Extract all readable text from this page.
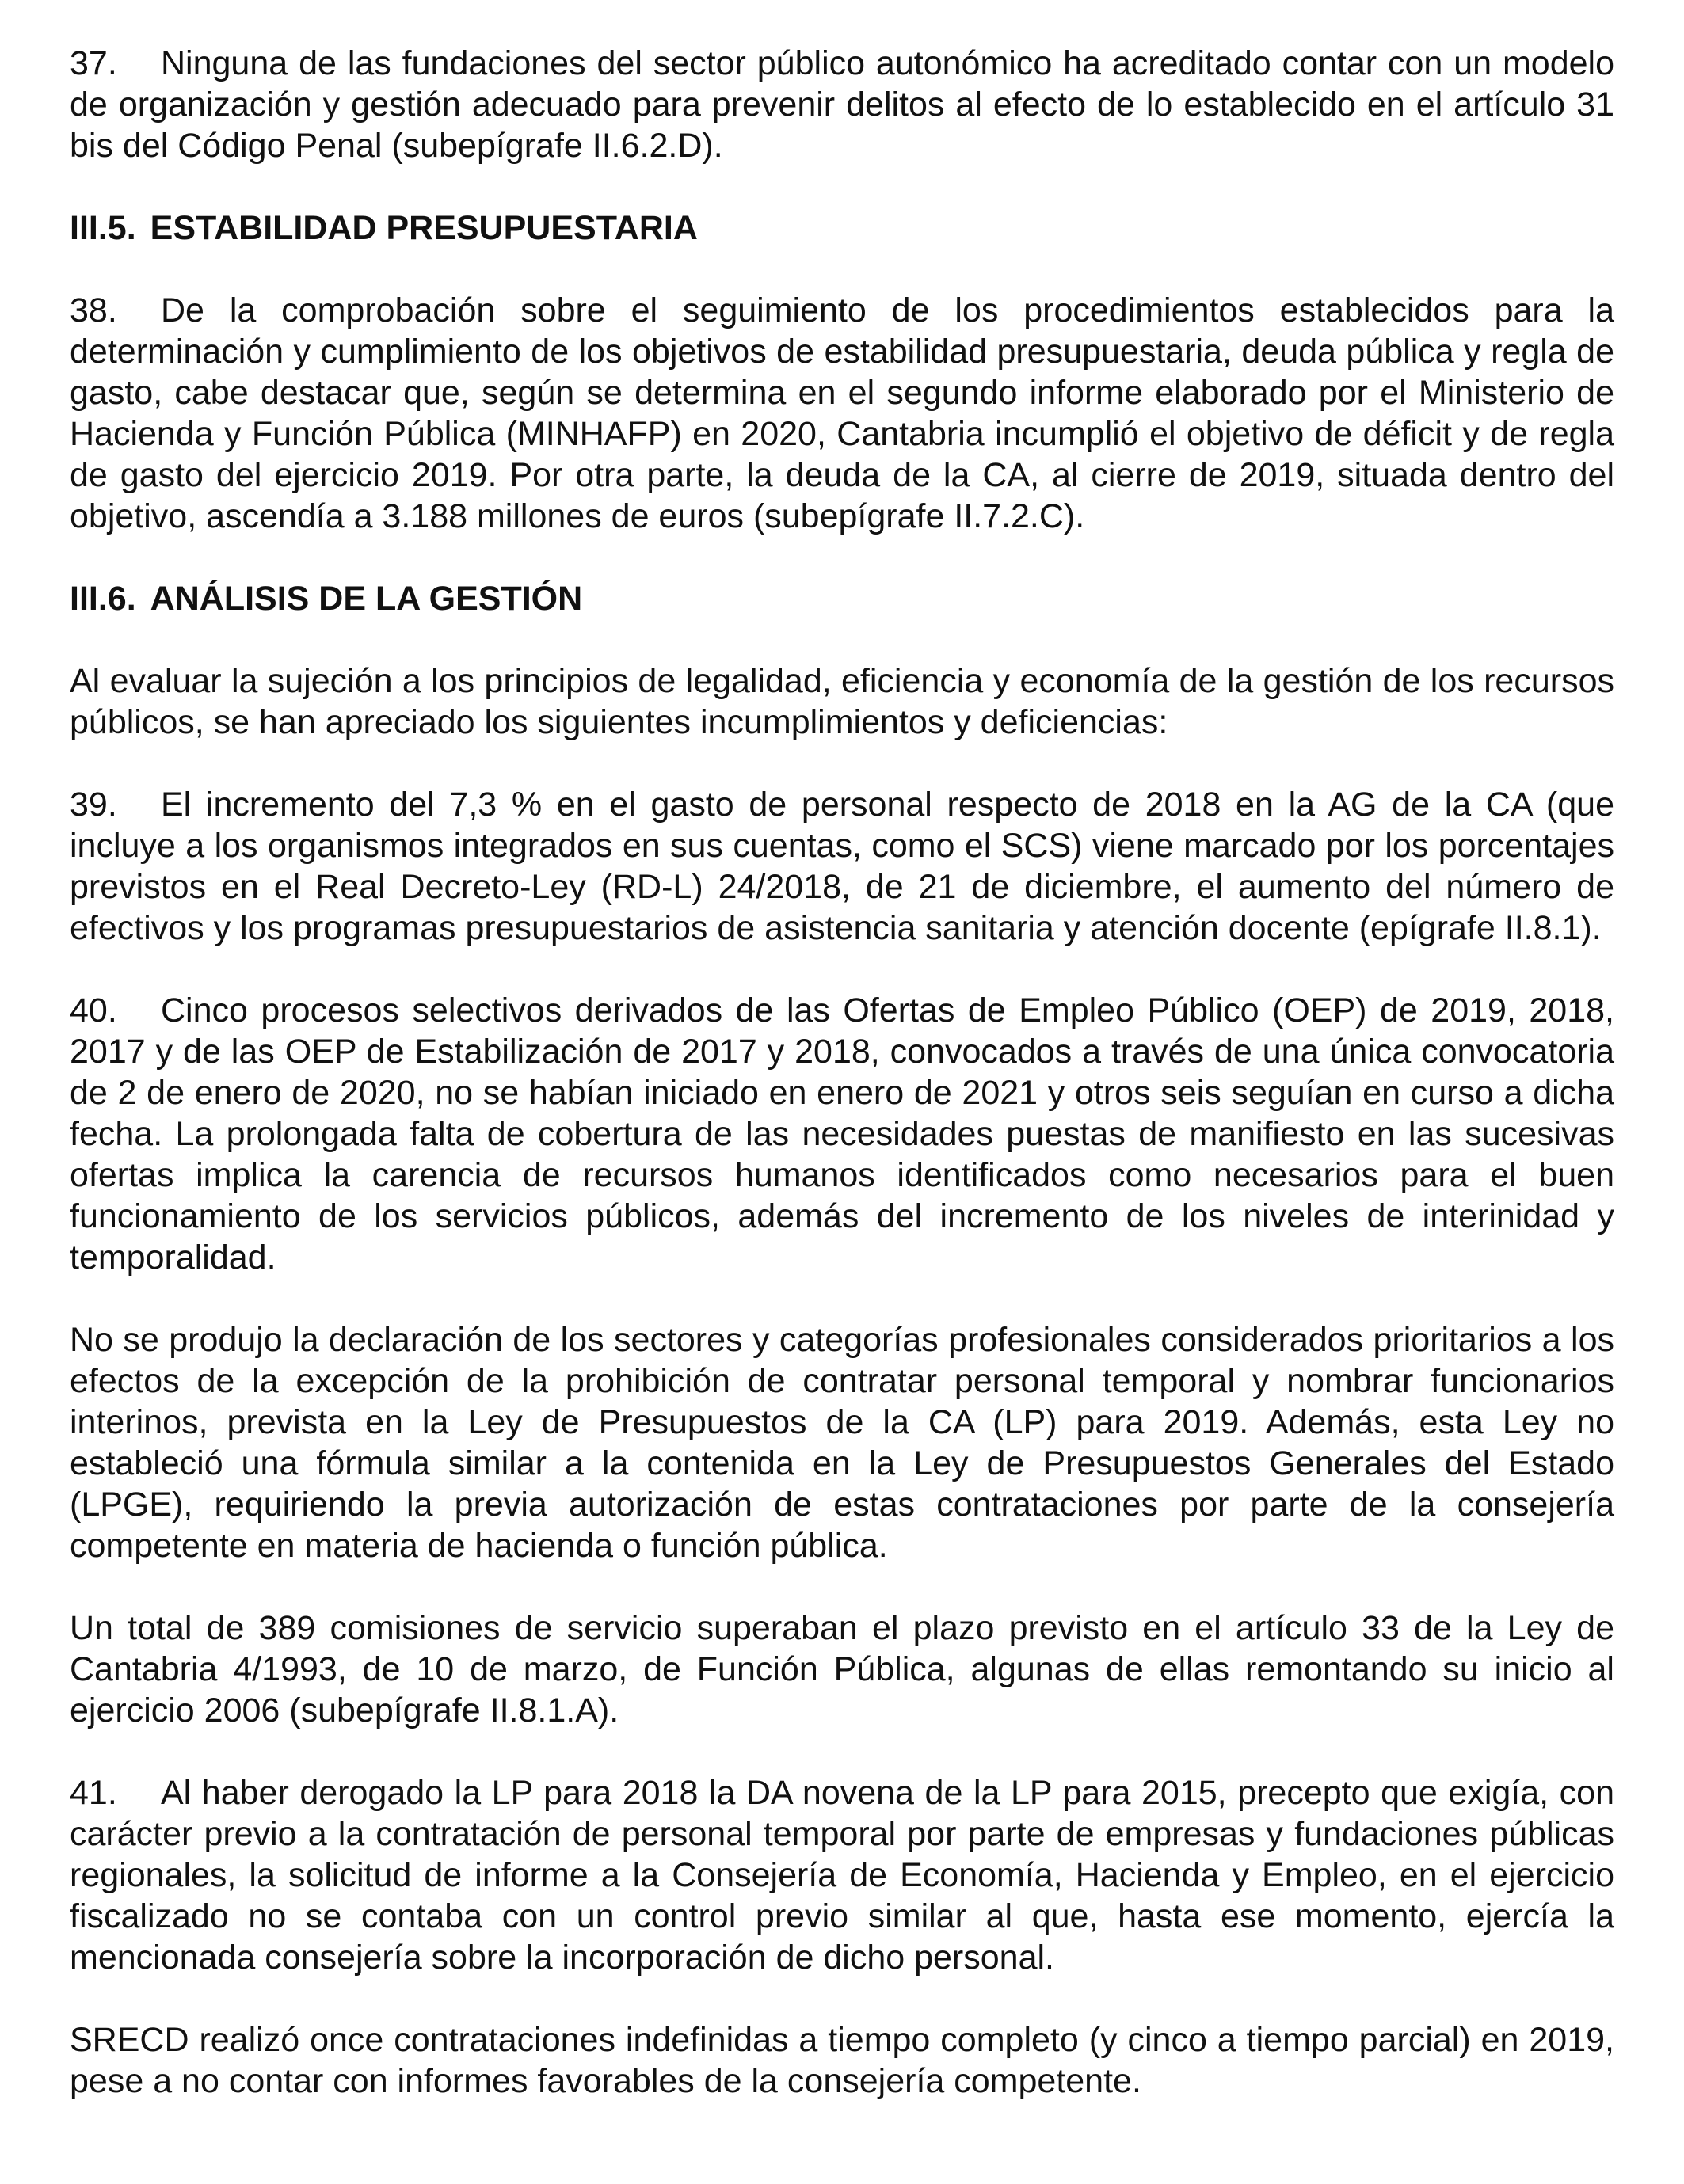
37. Ninguna de las fundaciones del sector público autonómico ha acreditado contar con un modelo de organización y gestión adecuado para prevenir delitos al efecto de lo establecido en el artículo 31 bis del Código Penal (subepígrafe II.6.2.D).

III.5. ESTABILIDAD PRESUPUESTARIA

38. De la comprobación sobre el seguimiento de los procedimientos establecidos para la determinación y cumplimiento de los objetivos de estabilidad presupuestaria, deuda pública y regla de gasto, cabe destacar que, según se determina en el segundo informe elaborado por el Ministerio de Hacienda y Función Pública (MINHAFP) en 2020, Cantabria incumplió el objetivo de déficit y de regla de gasto del ejercicio 2019. Por otra parte, la deuda de la CA, al cierre de 2019, situada dentro del objetivo, ascendía a 3.188 millones de euros (subepígrafe II.7.2.C).

III.6. ANÁLISIS DE LA GESTIÓN

Al evaluar la sujeción a los principios de legalidad, eficiencia y economía de la gestión de los recursos públicos, se han apreciado los siguientes incumplimientos y deficiencias:

39. El incremento del 7,3 % en el gasto de personal respecto de 2018 en la AG de la CA (que incluye a los organismos integrados en sus cuentas, como el SCS) viene marcado por los porcentajes previstos en el Real Decreto-Ley (RD-L) 24/2018, de 21 de diciembre, el aumento del número de efectivos y los programas presupuestarios de asistencia sanitaria y atención docente (epígrafe II.8.1).

40. Cinco procesos selectivos derivados de las Ofertas de Empleo Público (OEP) de 2019, 2018, 2017 y de las OEP de Estabilización de 2017 y 2018, convocados a través de una única convocatoria de 2 de enero de 2020, no se habían iniciado en enero de 2021 y otros seis seguían en curso a dicha fecha. La prolongada falta de cobertura de las necesidades puestas de manifiesto en las sucesivas ofertas implica la carencia de recursos humanos identificados como necesarios para el buen funcionamiento de los servicios públicos, además del incremento de los niveles de interinidad y temporalidad.

No se produjo la declaración de los sectores y categorías profesionales considerados prioritarios a los efectos de la excepción de la prohibición de contratar personal temporal y nombrar funcionarios interinos, prevista en la Ley de Presupuestos de la CA (LP) para 2019. Además, esta Ley no estableció una fórmula similar a la contenida en la Ley de Presupuestos Generales del Estado (LPGE), requiriendo la previa autorización de estas contrataciones por parte de la consejería competente en materia de hacienda o función pública.

Un total de 389 comisiones de servicio superaban el plazo previsto en el artículo 33 de la Ley de Cantabria 4/1993, de 10 de marzo, de Función Pública, algunas de ellas remontando su inicio al ejercicio 2006 (subepígrafe II.8.1.A).

41. Al haber derogado la LP para 2018 la DA novena de la LP para 2015, precepto que exigía, con carácter previo a la contratación de personal temporal por parte de empresas y fundaciones públicas regionales, la solicitud de informe a la Consejería de Economía, Hacienda y Empleo, en el ejercicio fiscalizado no se contaba con un control previo similar al que, hasta ese momento, ejercía la mencionada consejería sobre la incorporación de dicho personal.

SRECD realizó once contrataciones indefinidas a tiempo completo (y cinco a tiempo parcial) en 2019, pese a no contar con informes favorables de la consejería competente.
